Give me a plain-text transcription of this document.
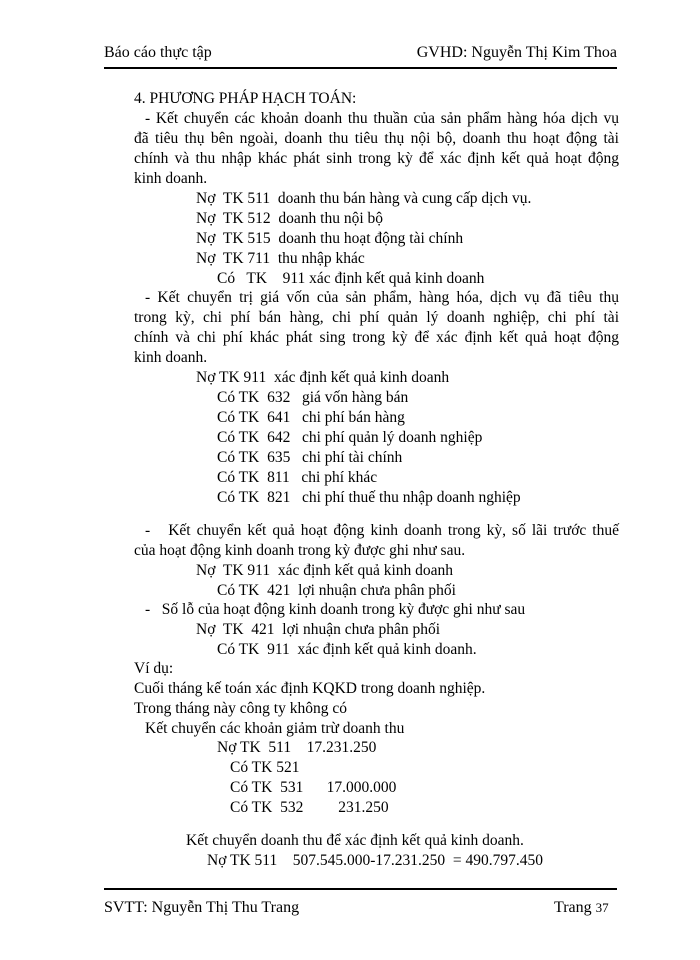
Báo cáo thực tập	GVHD: Nguyễn Thị Kim Thoa
4. PHƯƠNG PHÁP HẠCH TOÁN:
- Kết chuyển các khoản doanh thu thuần của sản phẩm hàng hóa dịch vụ
đã tiêu thụ bên ngoài, doanh thu tiêu thụ nội bộ, doanh thu hoạt động tài
chính và thu nhập khác phát sinh trong kỳ để xác định kết quả hoạt động
kinh doanh.
Nợ  TK 511  doanh thu bán hàng và cung cấp dịch vụ.
Nợ  TK 512  doanh thu nội bộ
Nợ  TK 515  doanh thu hoạt động tài chính
Nợ  TK 711  thu nhập khác
Có   TK    911 xác định kết quả kinh doanh
- Kết chuyển trị giá vốn của sản phẩm, hàng hóa, dịch vụ đã tiêu thụ
trong kỳ, chi phí bán hàng, chi phí quản lý doanh nghiệp, chi phí tài
chính và chi phí khác phát sing trong kỳ để xác định kết quả hoạt động
kinh doanh.
Nợ TK 911  xác định kết quả kinh doanh
Có TK  632   giá vốn hàng bán
Có TK  641   chi phí bán hàng
Có TK  642   chi phí quản lý doanh nghiệp
Có TK  635   chi phí tài chính
Có TK  811   chi phí khác
Có TK  821   chi phí thuế thu nhập doanh nghiệp
-   Kết chuyển kết quả hoạt động kinh doanh trong kỳ, số lãi trước thuế
của hoạt động kinh doanh trong kỳ được ghi như sau.
Nợ  TK 911  xác định kết quả kinh doanh
Có TK  421  lợi nhuận chưa phân phối
-   Số lỗ của hoạt động kinh doanh trong kỳ được ghi như sau
Nợ  TK  421  lợi nhuận chưa phân phối
Có TK  911  xác định kết quả kinh doanh.
Ví dụ:
Cuối tháng kế toán xác định KQKD trong doanh nghiệp.
Trong tháng này công ty không có
Kết chuyển các khoản giảm trừ doanh thu
Nợ TK  511    17.231.250
Có TK 521
Có TK  531      17.000.000
Có TK  532         231.250
Kết chuyển doanh thu để xác định kết quả kinh doanh.
Nợ TK 511    507.545.000-17.231.250  = 490.797.450
SVTT: Nguyễn Thị Thu Trang	Trang 37
